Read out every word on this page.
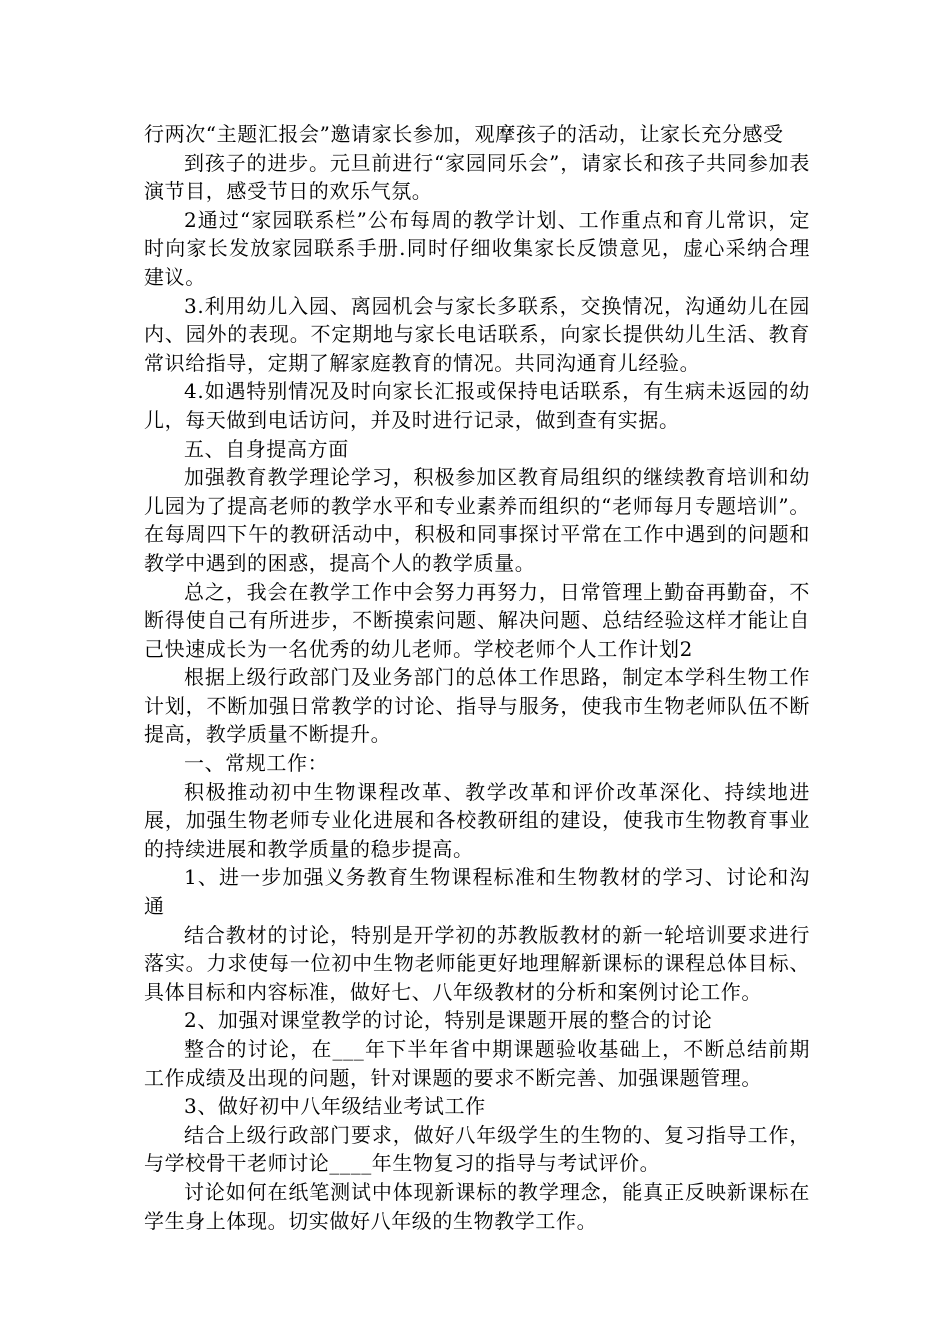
行两次“主题汇报会”邀请家长参加，观摩孩子的活动，让家长充分感受

到孩子的进步。元旦前进行“家园同乐会”，请家长和孩子共同参加表演节目，感受节日的欢乐气氛。

2通过“家园联系栏”公布每周的教学计划、工作重点和育儿常识，定时向家长发放家园联系手册.同时仔细收集家长反馈意见，虚心采纳合理建议。

3.利用幼儿入园、离园机会与家长多联系，交换情况，沟通幼儿在园内、园外的表现。不定期地与家长电话联系，向家长提供幼儿生活、教育常识给指导，定期了解家庭教育的情况。共同沟通育儿经验。

4.如遇特别情况及时向家长汇报或保持电话联系，有生病未返园的幼儿，每天做到电话访问，并及时进行记录，做到查有实据。

五、自身提高方面

加强教育教学理论学习，积极参加区教育局组织的继续教育培训和幼儿园为了提高老师的教学水平和专业素养而组织的“老师每月专题培训”。在每周四下午的教研活动中，积极和同事探讨平常在工作中遇到的问题和教学中遇到的困惑，提高个人的教学质量。

总之，我会在教学工作中会努力再努力，日常管理上勤奋再勤奋，不断得使自己有所进步，不断摸索问题、解决问题、总结经验这样才能让自己快速成长为一名优秀的幼儿老师。学校老师个人工作计划2

根据上级行政部门及业务部门的总体工作思路，制定本学科生物工作计划，不断加强日常教学的讨论、指导与服务，使我市生物老师队伍不断提高，教学质量不断提升。

一、常规工作：

积极推动初中生物课程改革、教学改革和评价改革深化、持续地进展，加强生物老师专业化进展和各校教研组的建设，使我市生物教育事业的持续进展和教学质量的稳步提高。

1、进一步加强义务教育生物课程标准和生物教材的学习、讨论和沟通

结合教材的讨论，特别是开学初的苏教版教材的新一轮培训要求进行落实。力求使每一位初中生物老师能更好地理解新课标的课程总体目标、具体目标和内容标准，做好七、八年级教材的分析和案例讨论工作。

2、加强对课堂教学的讨论，特别是课题开展的整合的讨论

整合的讨论，在___年下半年省中期课题验收基础上，不断总结前期工作成绩及出现的问题，针对课题的要求不断完善、加强课题管理。

3、做好初中八年级结业考试工作

结合上级行政部门要求，做好八年级学生的生物的、复习指导工作，与学校骨干老师讨论____年生物复习的指导与考试评价。

讨论如何在纸笔测试中体现新课标的教学理念，能真正反映新课标在学生身上体现。切实做好八年级的生物教学工作。
